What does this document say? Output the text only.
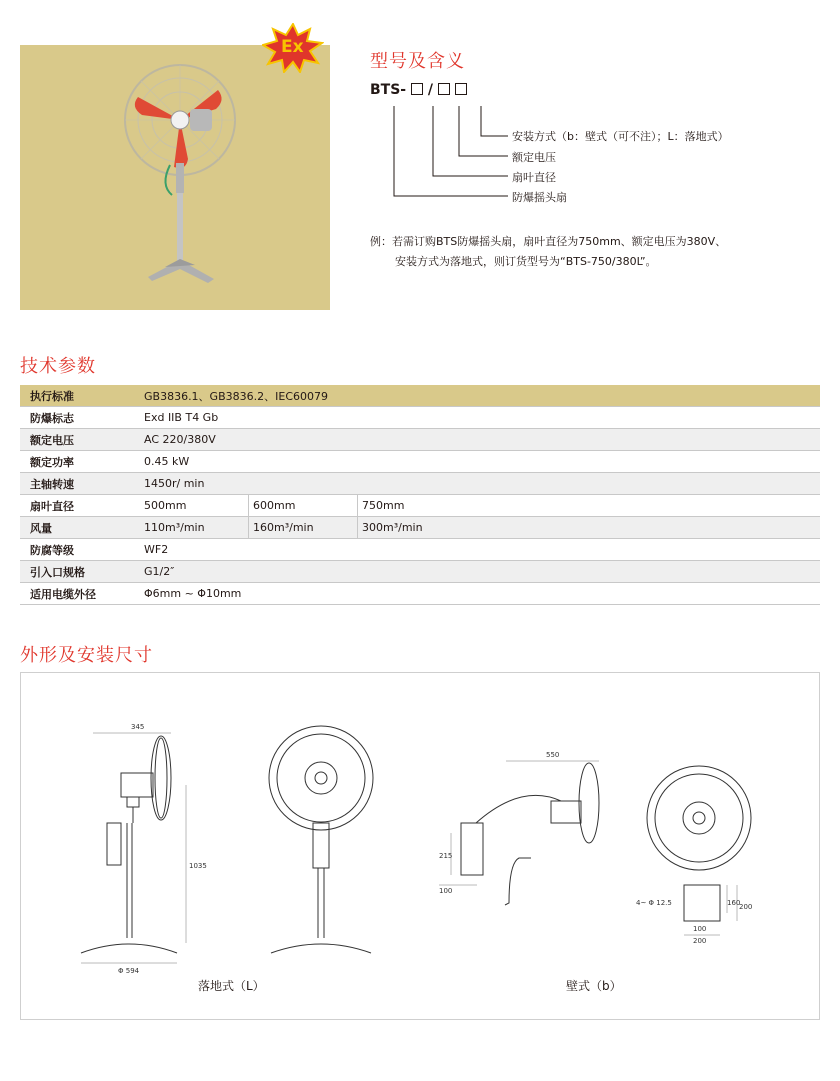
Ex
型号及含义
BTS- /
安装方式（b：壁式（可不注）；L：落地式）
额定电压
扇叶直径
防爆摇头扇
例：若需订购BTS防爆摇头扇，扇叶直径为750mm、额定电压为380V、
安装方式为落地式，则订货型号为“BTS-750/380L”。
技术参数
执行标准	GB3836.1、GB3836.2、IEC60079		
防爆标志	Exd IIB T4 Gb		
额定电压	AC 220/380V		
额定功率	0.45 kW		
主轴转速	1450r/ min		
扇叶直径	500mm	600mm	750mm
风量	110m³/min	160m³/min	300m³/min
防腐等级	WF2		
引入口规格	G1/2″		
适用电缆外径	Φ6mm ~ Φ10mm		
外形及安装尺寸
345
1035
Φ 594
550
215
100
4~ Φ 12.5	160
200
100
200
落地式（L）	壁式（b）
